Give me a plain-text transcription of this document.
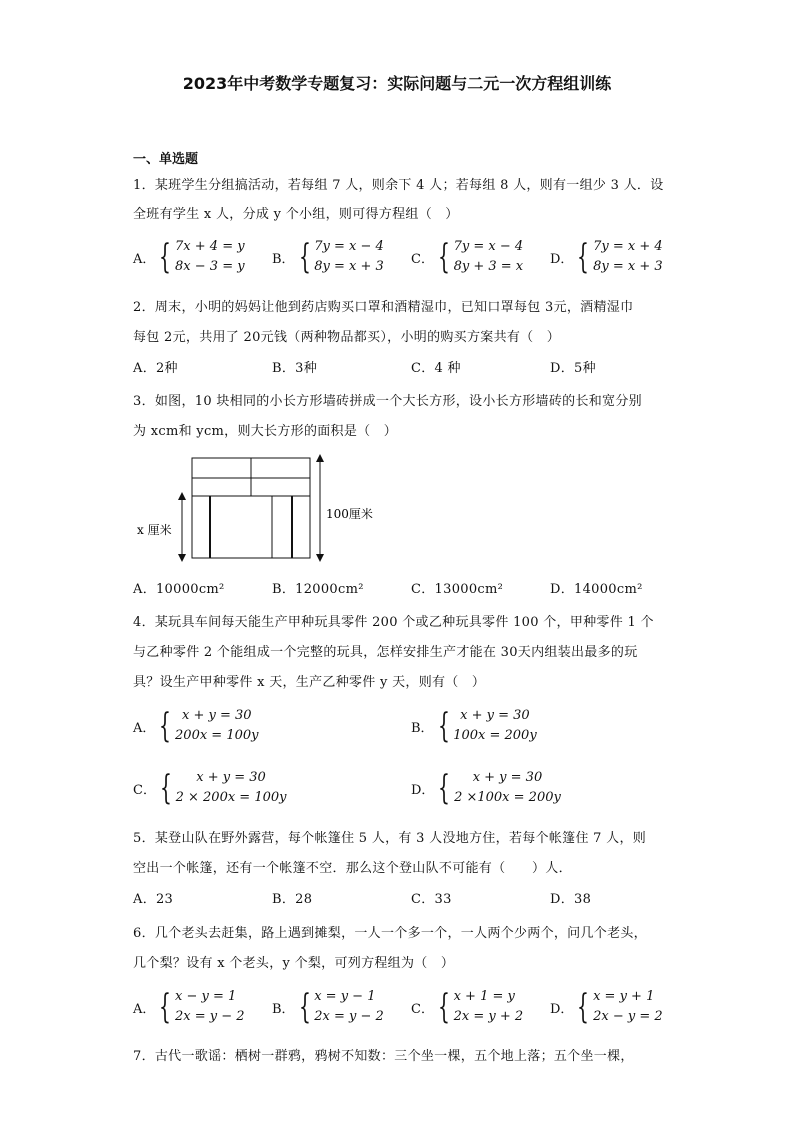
2023年中考数学专题复习：实际问题与二元一次方程组训练
一、单选题
1．某班学生分组搞活动，若每组 7 人，则余下 4 人；若每组 8 人，则有一组少 3 人．设
全班有学生 x 人，分成 y 个小组，则可得方程组（　）
A． { 7x + 4 = y
8x − 3 = y B． { 7y = x − 4
8y = x + 3 C． { 7y = x − 4
8y + 3 = x D． { 7y = x + 4
8y = x + 3
2．周末，小明的妈妈让他到药店购买口罩和酒精湿巾，已知口罩每包 3元，酒精湿巾
每包 2元，共用了 20元钱（两种物品都买），小明的购买方案共有（　）
A．2种	B．3种	C．4 种	D．5种
3．如图，10 块相同的小长方形墙砖拼成一个大长方形，设小长方形墙砖的长和宽分别
为 xcm和 ycm，则大长方形的面积是（　）
x 厘米
100厘米
A．10000cm²	B．12000cm²	C．13000cm²	D．14000cm²
4．某玩具车间每天能生产甲种玩具零件 200 个或乙种玩具零件 100 个，甲种零件 1 个
与乙种零件 2 个能组成一个完整的玩具，怎样安排生产才能在 30天内组装出最多的玩
具？设生产甲种零件 x 天，生产乙种零件 y 天，则有（　）
A． { x + y = 30
200x = 100y	B． { x + y = 30
100x = 200y
C． {	x + y = 30
2 × 200x = 100y	D． {	x + y = 30
2 ×100x = 200y
5．某登山队在野外露营，每个帐篷住 5 人，有 3 人没地方住，若每个帐篷住 7 人，则
空出一个帐篷，还有一个帐篷不空．那么这个登山队不可能有（　　）人．
A．23	B．28	C．33	D．38
6．几个老头去赶集，路上遇到摊梨，一人一个多一个，一人两个少两个，问几个老头，
几个梨？设有 x 个老头，y 个梨，可列方程组为（　）
A． { x − y = 1
2x = y − 2 B． { x = y − 1
2x = y − 2 C． { x + 1 = y
2x = y + 2 D． { x = y + 1
2x − y = 2
7．古代一歌谣：栖树一群鸦，鸦树不知数：三个坐一棵，五个地上落；五个坐一棵，
